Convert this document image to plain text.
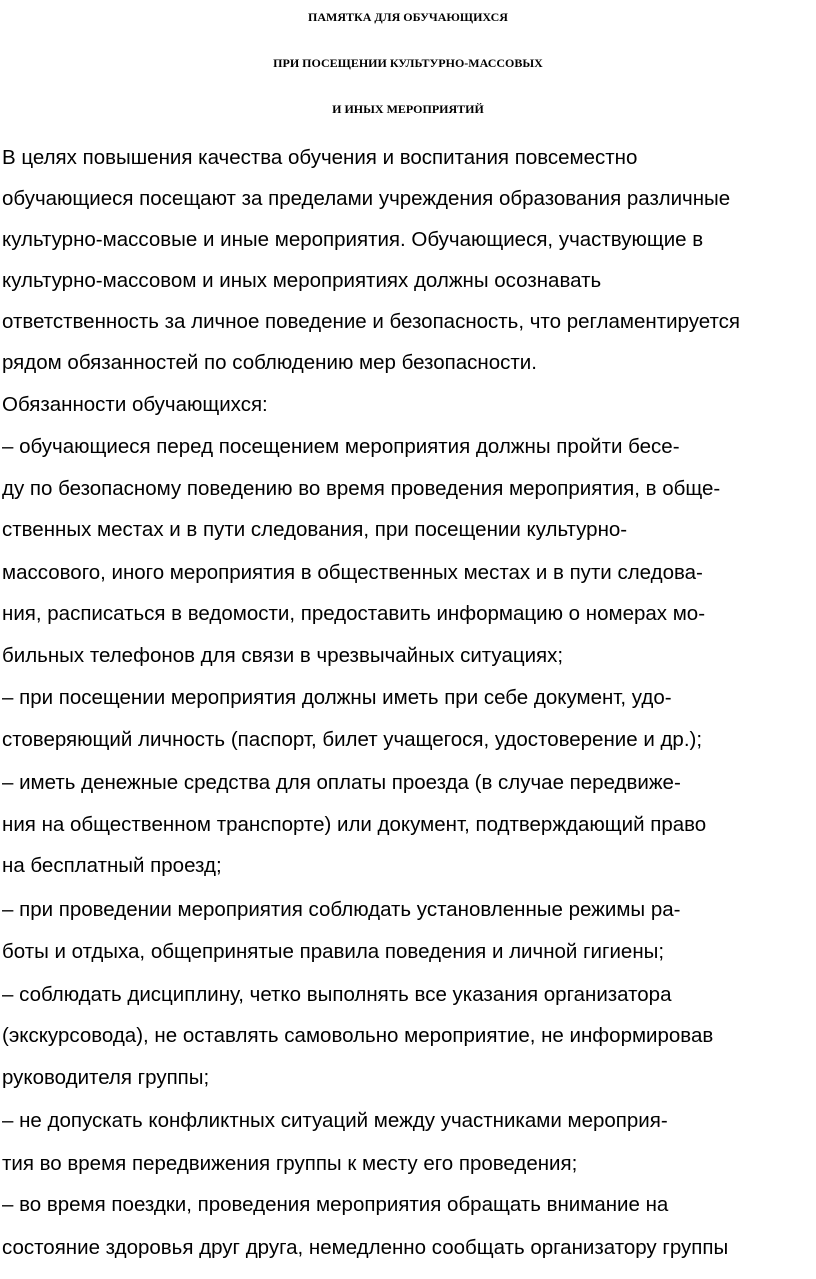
ПАМЯТКА ДЛЯ ОБУЧАЮЩИХСЯ
ПРИ ПОСЕЩЕНИИ КУЛЬТУРНО-МАССОВЫХ
И ИНЫХ МЕРОПРИЯТИЙ
В целях повышения качества обучения и воспитания повсеместно
обучающиеся посещают за пределами учреждения образования различные
культурно-массовые и иные мероприятия. Обучающиеся, участвующие в
культурно-массовом и иных мероприятиях должны осознавать
ответственность за личное поведение и безопасность, что регламентируется
рядом обязанностей по соблюдению мер безопасности.
Обязанности обучающихся:
– обучающиеся перед посещением мероприятия должны пройти бесе-
ду по безопасному поведению во время проведения мероприятия, в обще-
ственных местах и в пути следования, при посещении культурно-
массового, иного мероприятия в общественных местах и в пути следова-
ния, расписаться в ведомости, предоставить информацию о номерах мо-
бильных телефонов для связи в чрезвычайных ситуациях;
– при посещении мероприятия должны иметь при себе документ, удо-
стоверяющий личность (паспорт, билет учащегося, удостоверение и др.);
– иметь денежные средства для оплаты проезда (в случае передвиже-
ния на общественном транспорте) или документ, подтверждающий право
на бесплатный проезд;
– при проведении мероприятия соблюдать установленные режимы ра-
боты и отдыха, общепринятые правила поведения и личной гигиены;
– соблюдать дисциплину, четко выполнять все указания организатора
(экскурсовода), не оставлять самовольно мероприятие, не информировав
руководителя группы;
– не допускать конфликтных ситуаций между участниками мероприя-
тия во время передвижения группы к месту его проведения;
– во время поездки, проведения мероприятия обращать внимание на
состояние здоровья друг друга, немедленно сообщать организатору группы
